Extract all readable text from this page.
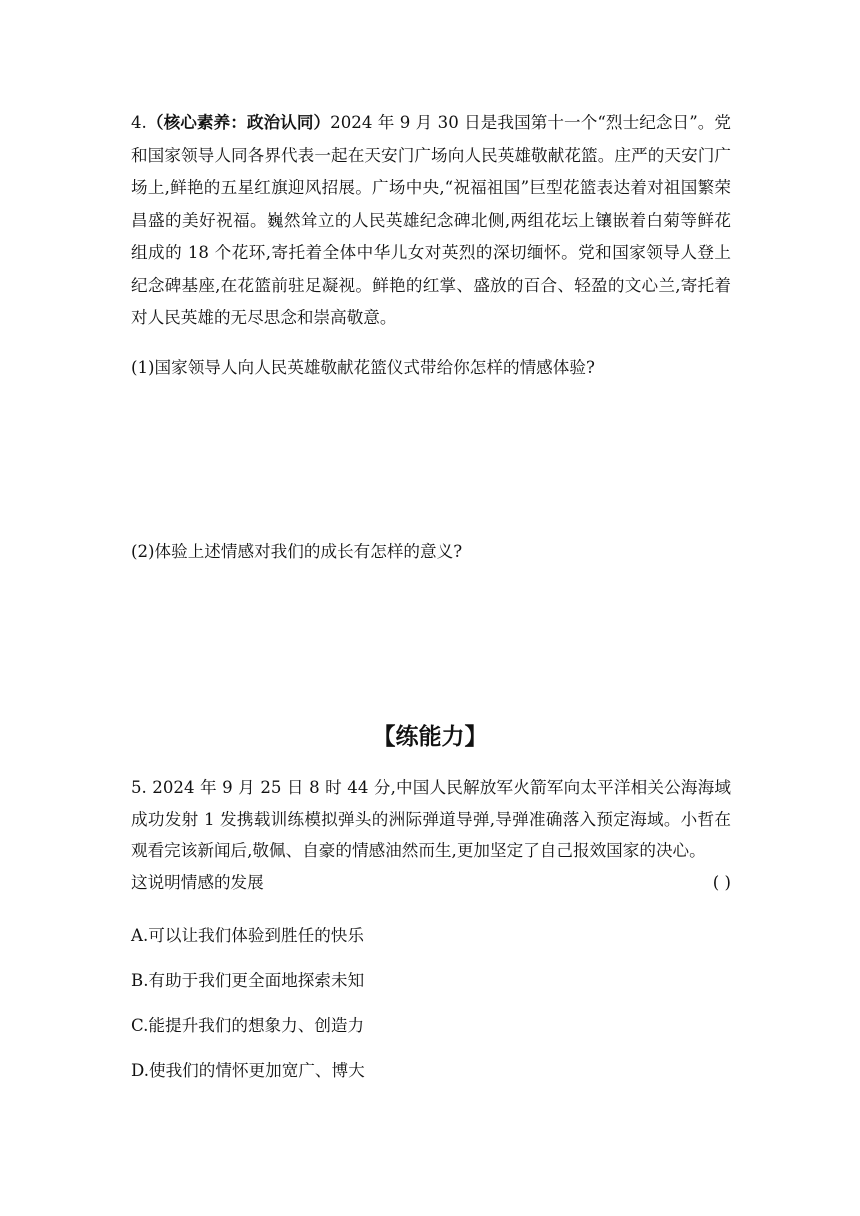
4.（核心素养：政治认同）2024 年 9 月 30 日是我国第十一个“烈士纪念日”。党和国家领导人同各界代表一起在天安门广场向人民英雄敬献花篮。庄严的天安门广场上,鲜艳的五星红旗迎风招展。广场中央,“祝福祖国”巨型花篮表达着对祖国繁荣昌盛的美好祝福。巍然耸立的人民英雄纪念碑北侧,两组花坛上镶嵌着白菊等鲜花组成的 18 个花环,寄托着全体中华儿女对英烈的深切缅怀。党和国家领导人登上纪念碑基座,在花篮前驻足凝视。鲜艳的红掌、盛放的百合、轻盈的文心兰,寄托着对人民英雄的无尽思念和崇高敬意。
(1)国家领导人向人民英雄敬献花篮仪式带给你怎样的情感体验?
(2)体验上述情感对我们的成长有怎样的意义?
【练能力】
5. 2024 年 9 月 25 日 8 时 44 分,中国人民解放军火箭军向太平洋相关公海海域成功发射 1 发携载训练模拟弹头的洲际弹道导弹,导弹准确落入预定海域。小哲在观看完该新闻后,敬佩、自豪的情感油然而生,更加坚定了自己报效国家的决心。
这说明情感的发展	( )
A.可以让我们体验到胜任的快乐
B.有助于我们更全面地探索未知
C.能提升我们的想象力、创造力
D.使我们的情怀更加宽广、博大
